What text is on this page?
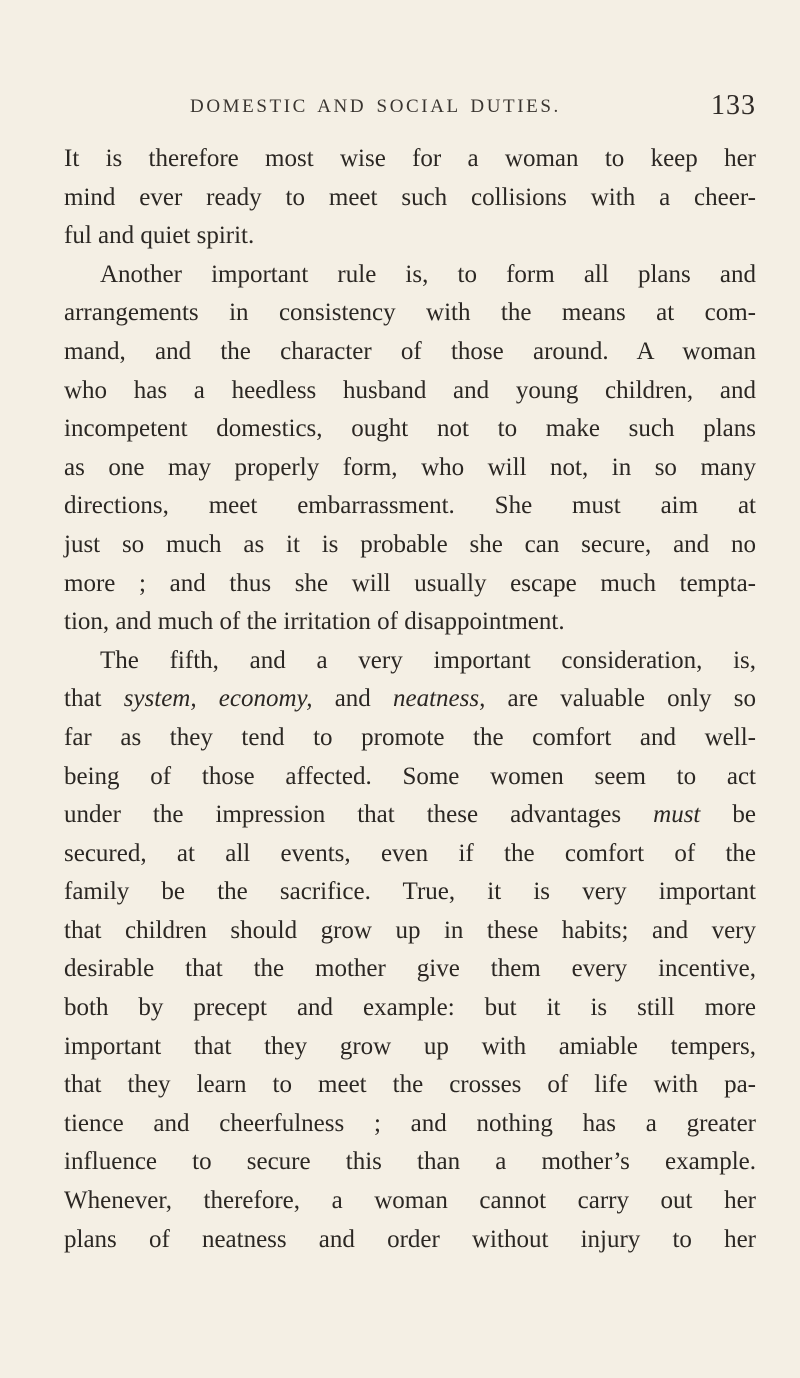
DOMESTIC AND SOCIAL DUTIES.	133
It is therefore most wise for a woman to keep her
mind ever ready to meet such collisions with a cheer-
ful and quiet spirit.
Another important rule is, to form all plans and
arrangements in consistency with the means at com-
mand, and the character of those around. A woman
who has a heedless husband and young children, and
incompetent domestics, ought not to make such plans
as one may properly form, who will not, in so many
directions, meet embarrassment. She must aim at
just so much as it is probable she can secure, and no
more ; and thus she will usually escape much tempta-
tion, and much of the irritation of disappointment.
The fifth, and a very important consideration, is,
that system, economy, and neatness, are valuable only so
far as they tend to promote the comfort and well-
being of those affected. Some women seem to act
under the impression that these advantages must be
secured, at all events, even if the comfort of the
family be the sacrifice. True, it is very important
that children should grow up in these habits; and very
desirable that the mother give them every incentive,
both by precept and example: but it is still more
important that they grow up with amiable tempers,
that they learn to meet the crosses of life with pa-
tience and cheerfulness ; and nothing has a greater
influence to secure this than a mother’s example.
Whenever, therefore, a woman cannot carry out her
plans of neatness and order without injury to her
